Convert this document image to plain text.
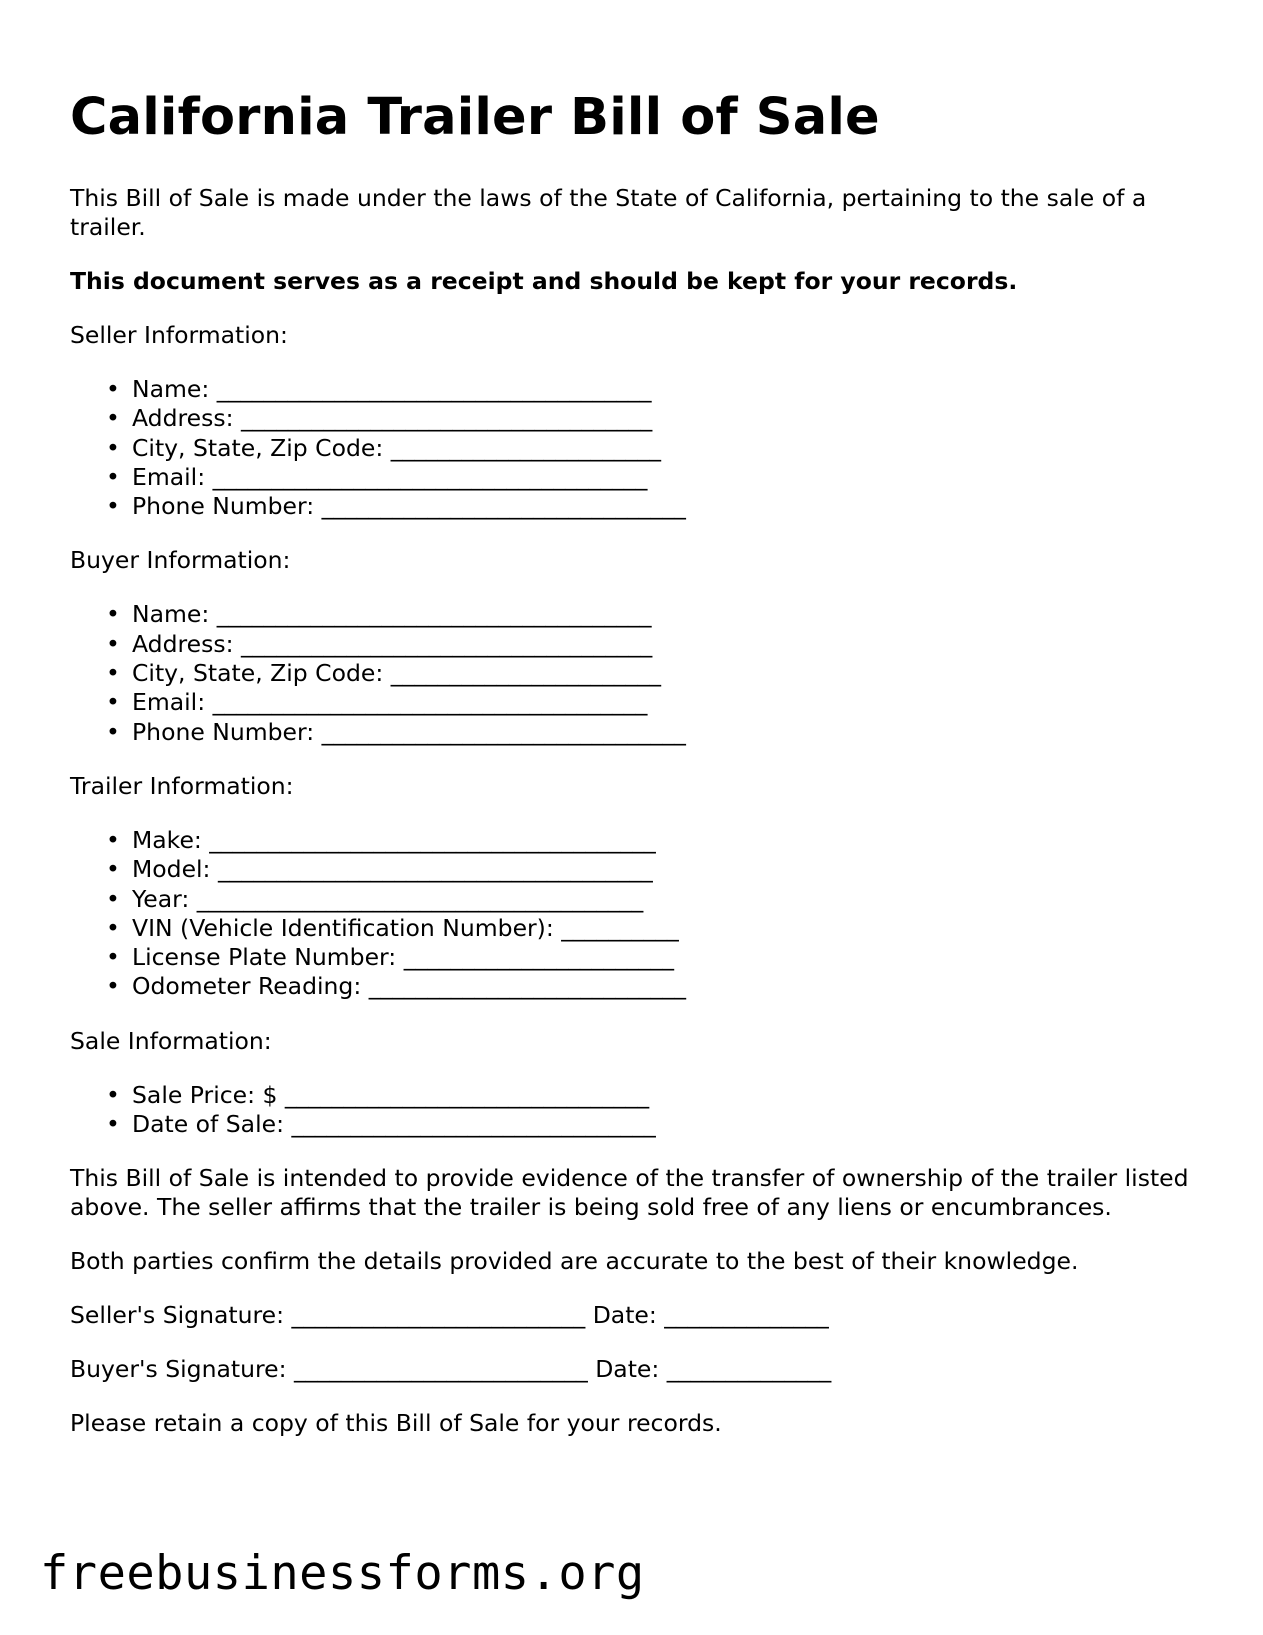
California Trailer Bill of Sale

This Bill of Sale is made under the laws of the State of California, pertaining to the sale of a trailer.

This document serves as a receipt and should be kept for your records.

Seller Information:

• Name: _____________________________________
• Address: ___________________________________
• City, State, Zip Code: _______________________
• Email: _____________________________________
• Phone Number: _______________________________

Buyer Information:

• Name: _____________________________________
• Address: ___________________________________
• City, State, Zip Code: _______________________
• Email: _____________________________________
• Phone Number: _______________________________

Trailer Information:

• Make: ______________________________________
• Model: _____________________________________
• Year: ______________________________________
• VIN (Vehicle Identification Number): __________
• License Plate Number: _______________________
• Odometer Reading: ___________________________

Sale Information:

• Sale Price: $ _______________________________
• Date of Sale: _______________________________

This Bill of Sale is intended to provide evidence of the transfer of ownership of the trailer listed above. The seller affirms that the trailer is being sold free of any liens or encumbrances.

Both parties confirm the details provided are accurate to the best of their knowledge.

Seller's Signature: _________________________ Date: ______________
Buyer's Signature: _________________________ Date: ______________

Please retain a copy of this Bill of Sale for your records.

freebusinessforms.org
